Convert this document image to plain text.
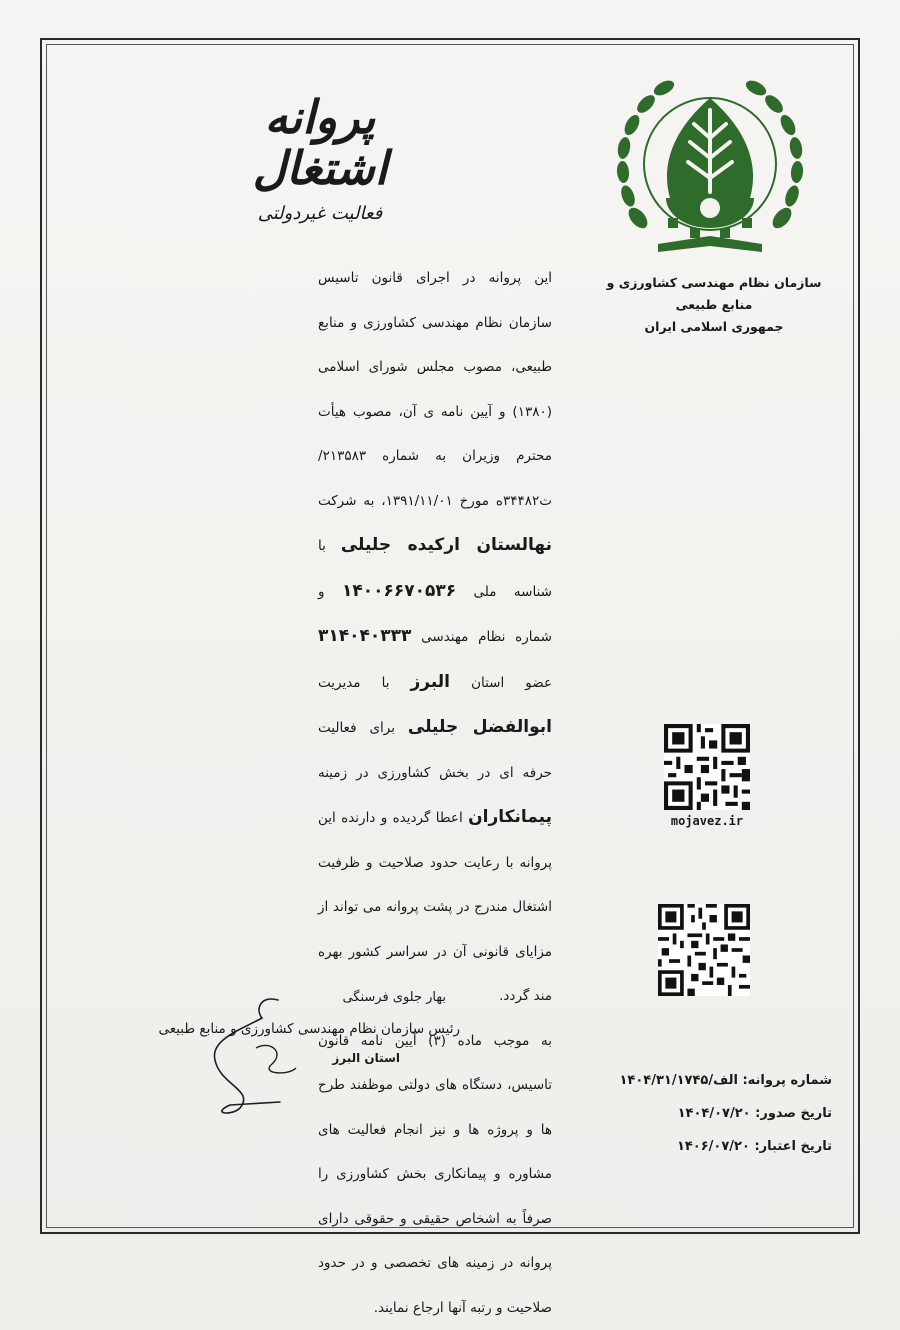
پروانه اشتغال
فعالیت غیردولتی
سازمان نظام مهندسی کشاورزی و منابع طبیعی
جمهوری اسلامی ایران

این پروانه در اجرای قانون تاسیس سازمان نظام مهندسی کشاورزی و منابع طبیعی، مصوب مجلس شورای اسلامی (۱۳۸۰) و آیین نامه ی آن، مصوب هیأت محترم وزیران به شماره ۲۱۳۵۸۳/ت۳۴۴۸۲ه مورخ ۱۳۹۱/۱۱/۰۱، به شرکت نهالستان ارکیده جلیلی با شناسه ملی ۱۴۰۰۶۶۷۰۵۳۶ و شماره نظام مهندسی ۳۱۴۰۴۰۳۳۳ عضو استان البرز با مدیریت ابوالفضل جلیلی برای فعالیت حرفه ای در بخش کشاورزی در زمینه پیمانکاران اعطا گردیده و دارنده این پروانه با رعایت حدود صلاحیت و ظرفیت اشتغال مندرج در پشت پروانه می تواند از مزایای قانونی آن در سراسر کشور بهره مند گردد.

به موجب ماده (۳) آیین نامه قانون تاسیس، دستگاه های دولتی موظفند طرح ها و پروژه ها و نیز انجام فعالیت های مشاوره و پیمانکاری بخش کشاورزی را صرفاً به اشخاص حقیقی و حقوقی دارای پروانه در زمینه های تخصصی و در حدود صلاحیت و رتبه آنها ارجاع نمایند.

mojavez.ir
بهار جلوی فرسنگی
رئیس سازمان نظام مهندسی کشاورزی و منابع طبیعی
استان البرز
شماره پروانه: الف/۱۴۰۴/۳۱/۱۷۴۵
تاریخ صدور: ۱۴۰۴/۰۷/۲۰
تاریخ اعتبار: ۱۴۰۶/۰۷/۲۰
